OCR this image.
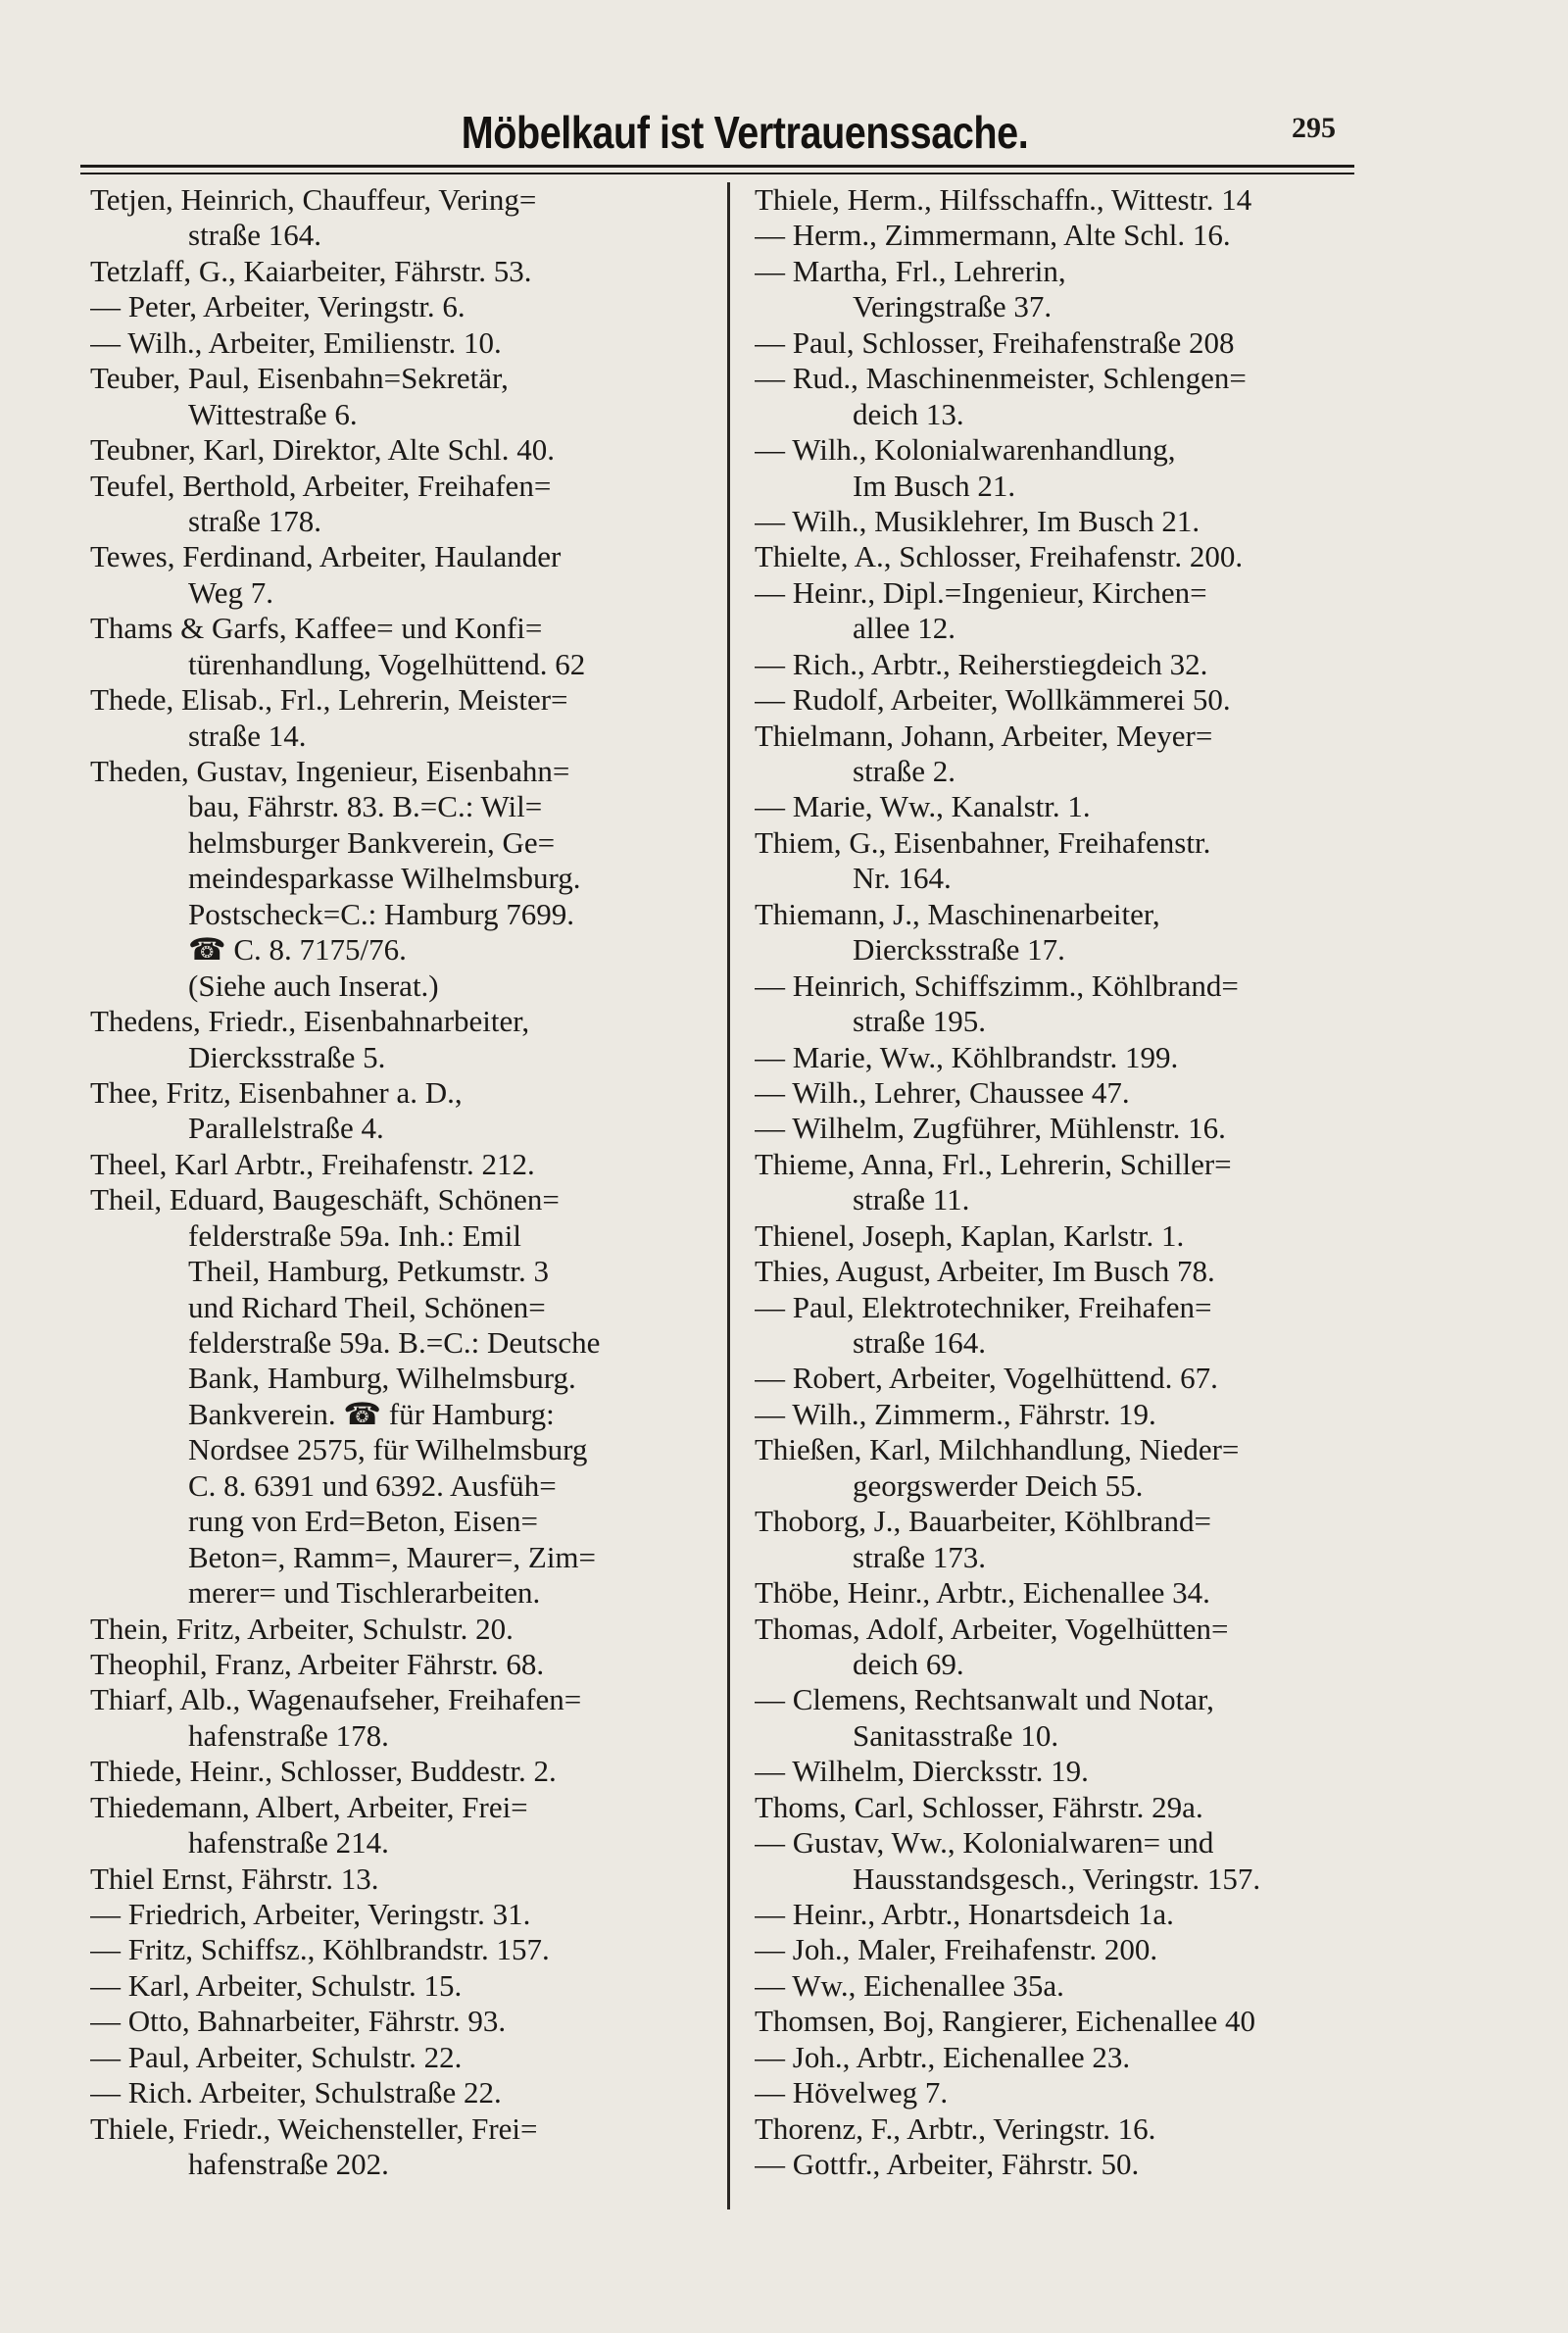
Möbelkauf ist Vertrauenssache.	295
Tetjen, Heinrich, Chauffeur, Vering=
straße 164.
Tetzlaff, G., Kaiarbeiter, Fährstr. 53.
— Peter, Arbeiter, Veringstr. 6.
— Wilh., Arbeiter, Emilienstr. 10.
Teuber, Paul, Eisenbahn=Sekretär,
Wittestraße 6.
Teubner, Karl, Direktor, Alte Schl. 40.
Teufel, Berthold, Arbeiter, Freihafen=
straße 178.
Tewes, Ferdinand, Arbeiter, Haulander
Weg 7.
Thams & Garfs, Kaffee= und Konfi=
türenhandlung, Vogelhüttend. 62
Thede, Elisab., Frl., Lehrerin, Meister=
straße 14.
Theden, Gustav, Ingenieur, Eisenbahn=
bau, Fährstr. 83. B.=C.: Wil=
helmsburger Bankverein, Ge=
meindesparkasse Wilhelmsburg.
Postscheck=C.: Hamburg 7699.
☎ C. 8. 7175/76.
(Siehe auch Inserat.)
Thedens, Friedr., Eisenbahnarbeiter,
Diercksstraße 5.
Thee, Fritz, Eisenbahner a. D.,
Parallelstraße 4.
Theel, Karl Arbtr., Freihafenstr. 212.
Theil, Eduard, Baugeschäft, Schönen=
felderstraße 59a. Inh.: Emil
Theil, Hamburg, Petkumstr. 3
und Richard Theil, Schönen=
felderstraße 59a. B.=C.: Deutsche
Bank, Hamburg, Wilhelmsburg.
Bankverein. ☎ für Hamburg:
Nordsee 2575, für Wilhelmsburg
C. 8. 6391 und 6392. Ausfüh=
rung von Erd=Beton, Eisen=
Beton=, Ramm=, Maurer=, Zim=
merer= und Tischlerarbeiten.
Thein, Fritz, Arbeiter, Schulstr. 20.
Theophil, Franz, Arbeiter Fährstr. 68.
Thiarf, Alb., Wagenaufseher, Freihafen=
hafenstraße 178.
Thiede, Heinr., Schlosser, Buddestr. 2.
Thiedemann, Albert, Arbeiter, Frei=
hafenstraße 214.
Thiel Ernst, Fährstr. 13.
— Friedrich, Arbeiter, Veringstr. 31.
— Fritz, Schiffsz., Köhlbrandstr. 157.
— Karl, Arbeiter, Schulstr. 15.
— Otto, Bahnarbeiter, Fährstr. 93.
— Paul, Arbeiter, Schulstr. 22.
— Rich. Arbeiter, Schulstraße 22.
Thiele, Friedr., Weichensteller, Frei=
hafenstraße 202.
Thiele, Herm., Hilfsschaffn., Wittestr. 14
— Herm., Zimmermann, Alte Schl. 16.
— Martha, Frl., Lehrerin,
Veringstraße 37.
— Paul, Schlosser, Freihafenstraße 208
— Rud., Maschinenmeister, Schlengen=
deich 13.
— Wilh., Kolonialwarenhandlung,
Im Busch 21.
— Wilh., Musiklehrer, Im Busch 21.
Thielte, A., Schlosser, Freihafenstr. 200.
— Heinr., Dipl.=Ingenieur, Kirchen=
allee 12.
— Rich., Arbtr., Reiherstiegdeich 32.
— Rudolf, Arbeiter, Wollkämmerei 50.
Thielmann, Johann, Arbeiter, Meyer=
straße 2.
— Marie, Ww., Kanalstr. 1.
Thiem, G., Eisenbahner, Freihafenstr.
Nr. 164.
Thiemann, J., Maschinenarbeiter,
Diercksstraße 17.
— Heinrich, Schiffszimm., Köhlbrand=
straße 195.
— Marie, Ww., Köhlbrandstr. 199.
— Wilh., Lehrer, Chaussee 47.
— Wilhelm, Zugführer, Mühlenstr. 16.
Thieme, Anna, Frl., Lehrerin, Schiller=
straße 11.
Thienel, Joseph, Kaplan, Karlstr. 1.
Thies, August, Arbeiter, Im Busch 78.
— Paul, Elektrotechniker, Freihafen=
straße 164.
— Robert, Arbeiter, Vogelhüttend. 67.
— Wilh., Zimmerm., Fährstr. 19.
Thießen, Karl, Milchhandlung, Nieder=
georgswerder Deich 55.
Thoborg, J., Bauarbeiter, Köhlbrand=
straße 173.
Thöbe, Heinr., Arbtr., Eichenallee 34.
Thomas, Adolf, Arbeiter, Vogelhütten=
deich 69.
— Clemens, Rechtsanwalt und Notar,
Sanitasstraße 10.
— Wilhelm, Diercksstr. 19.
Thoms, Carl, Schlosser, Fährstr. 29a.
— Gustav, Ww., Kolonialwaren= und
Hausstandsgesch., Veringstr. 157.
— Heinr., Arbtr., Honartsdeich 1a.
— Joh., Maler, Freihafenstr. 200.
— Ww., Eichenallee 35a.
Thomsen, Boj, Rangierer, Eichenallee 40
— Joh., Arbtr., Eichenallee 23.
— Hövelweg 7.
Thorenz, F., Arbtr., Veringstr. 16.
— Gottfr., Arbeiter, Fährstr. 50.
